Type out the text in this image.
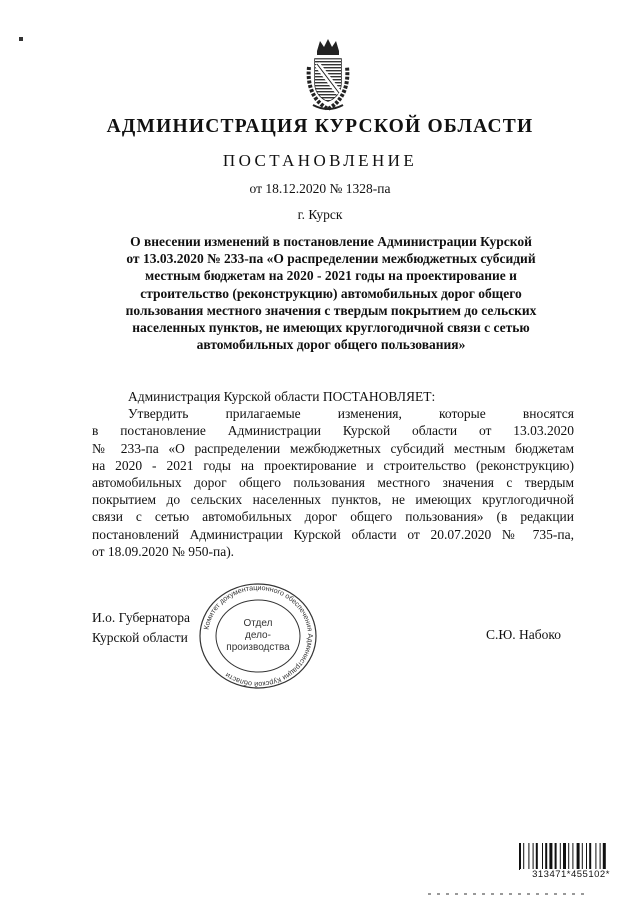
АДМИНИСТРАЦИЯ КУРСКОЙ ОБЛАСТИ
ПОСТАНОВЛЕНИЕ
от 18.12.2020 № 1328-па
г. Курск
О внесении изменений в постановление Администрации Курской
от 13.03.2020 № 233-па «О распределении межбюджетных субсидий
местным бюджетам на 2020 - 2021 годы на проектирование и
строительство (реконструкцию) автомобильных дорог общего
пользования местного значения с твердым покрытием до сельских
населенных пунктов, не имеющих круглогодичной связи с сетью
автомобильных дорог общего пользования»
Администрация Курской области ПОСТАНОВЛЯЕТ:
Утвердить прилагаемые изменения, которые вносятся
в постановление Администрации Курской области от 13.03.2020
№ 233-па «О распределении межбюджетных субсидий местным бюджетам
на 2020 - 2021 годы на проектирование и строительство (реконструкцию)
автомобильных дорог общего пользования местного значения с твердым
покрытием до сельских населенных пунктов, не имеющих круглогодичной
связи с сетью автомобильных дорог общего пользования» (в редакции
постановлений Администрации Курской области от 20.07.2020 № 735-па,
от 18.09.2020 № 950-па).
И.о. Губернатора
Курской области	С.Ю. Набоко
Комитет документационного обеспечения Администрации Курской области
Отдел
дело-
производства
313471*455102*
